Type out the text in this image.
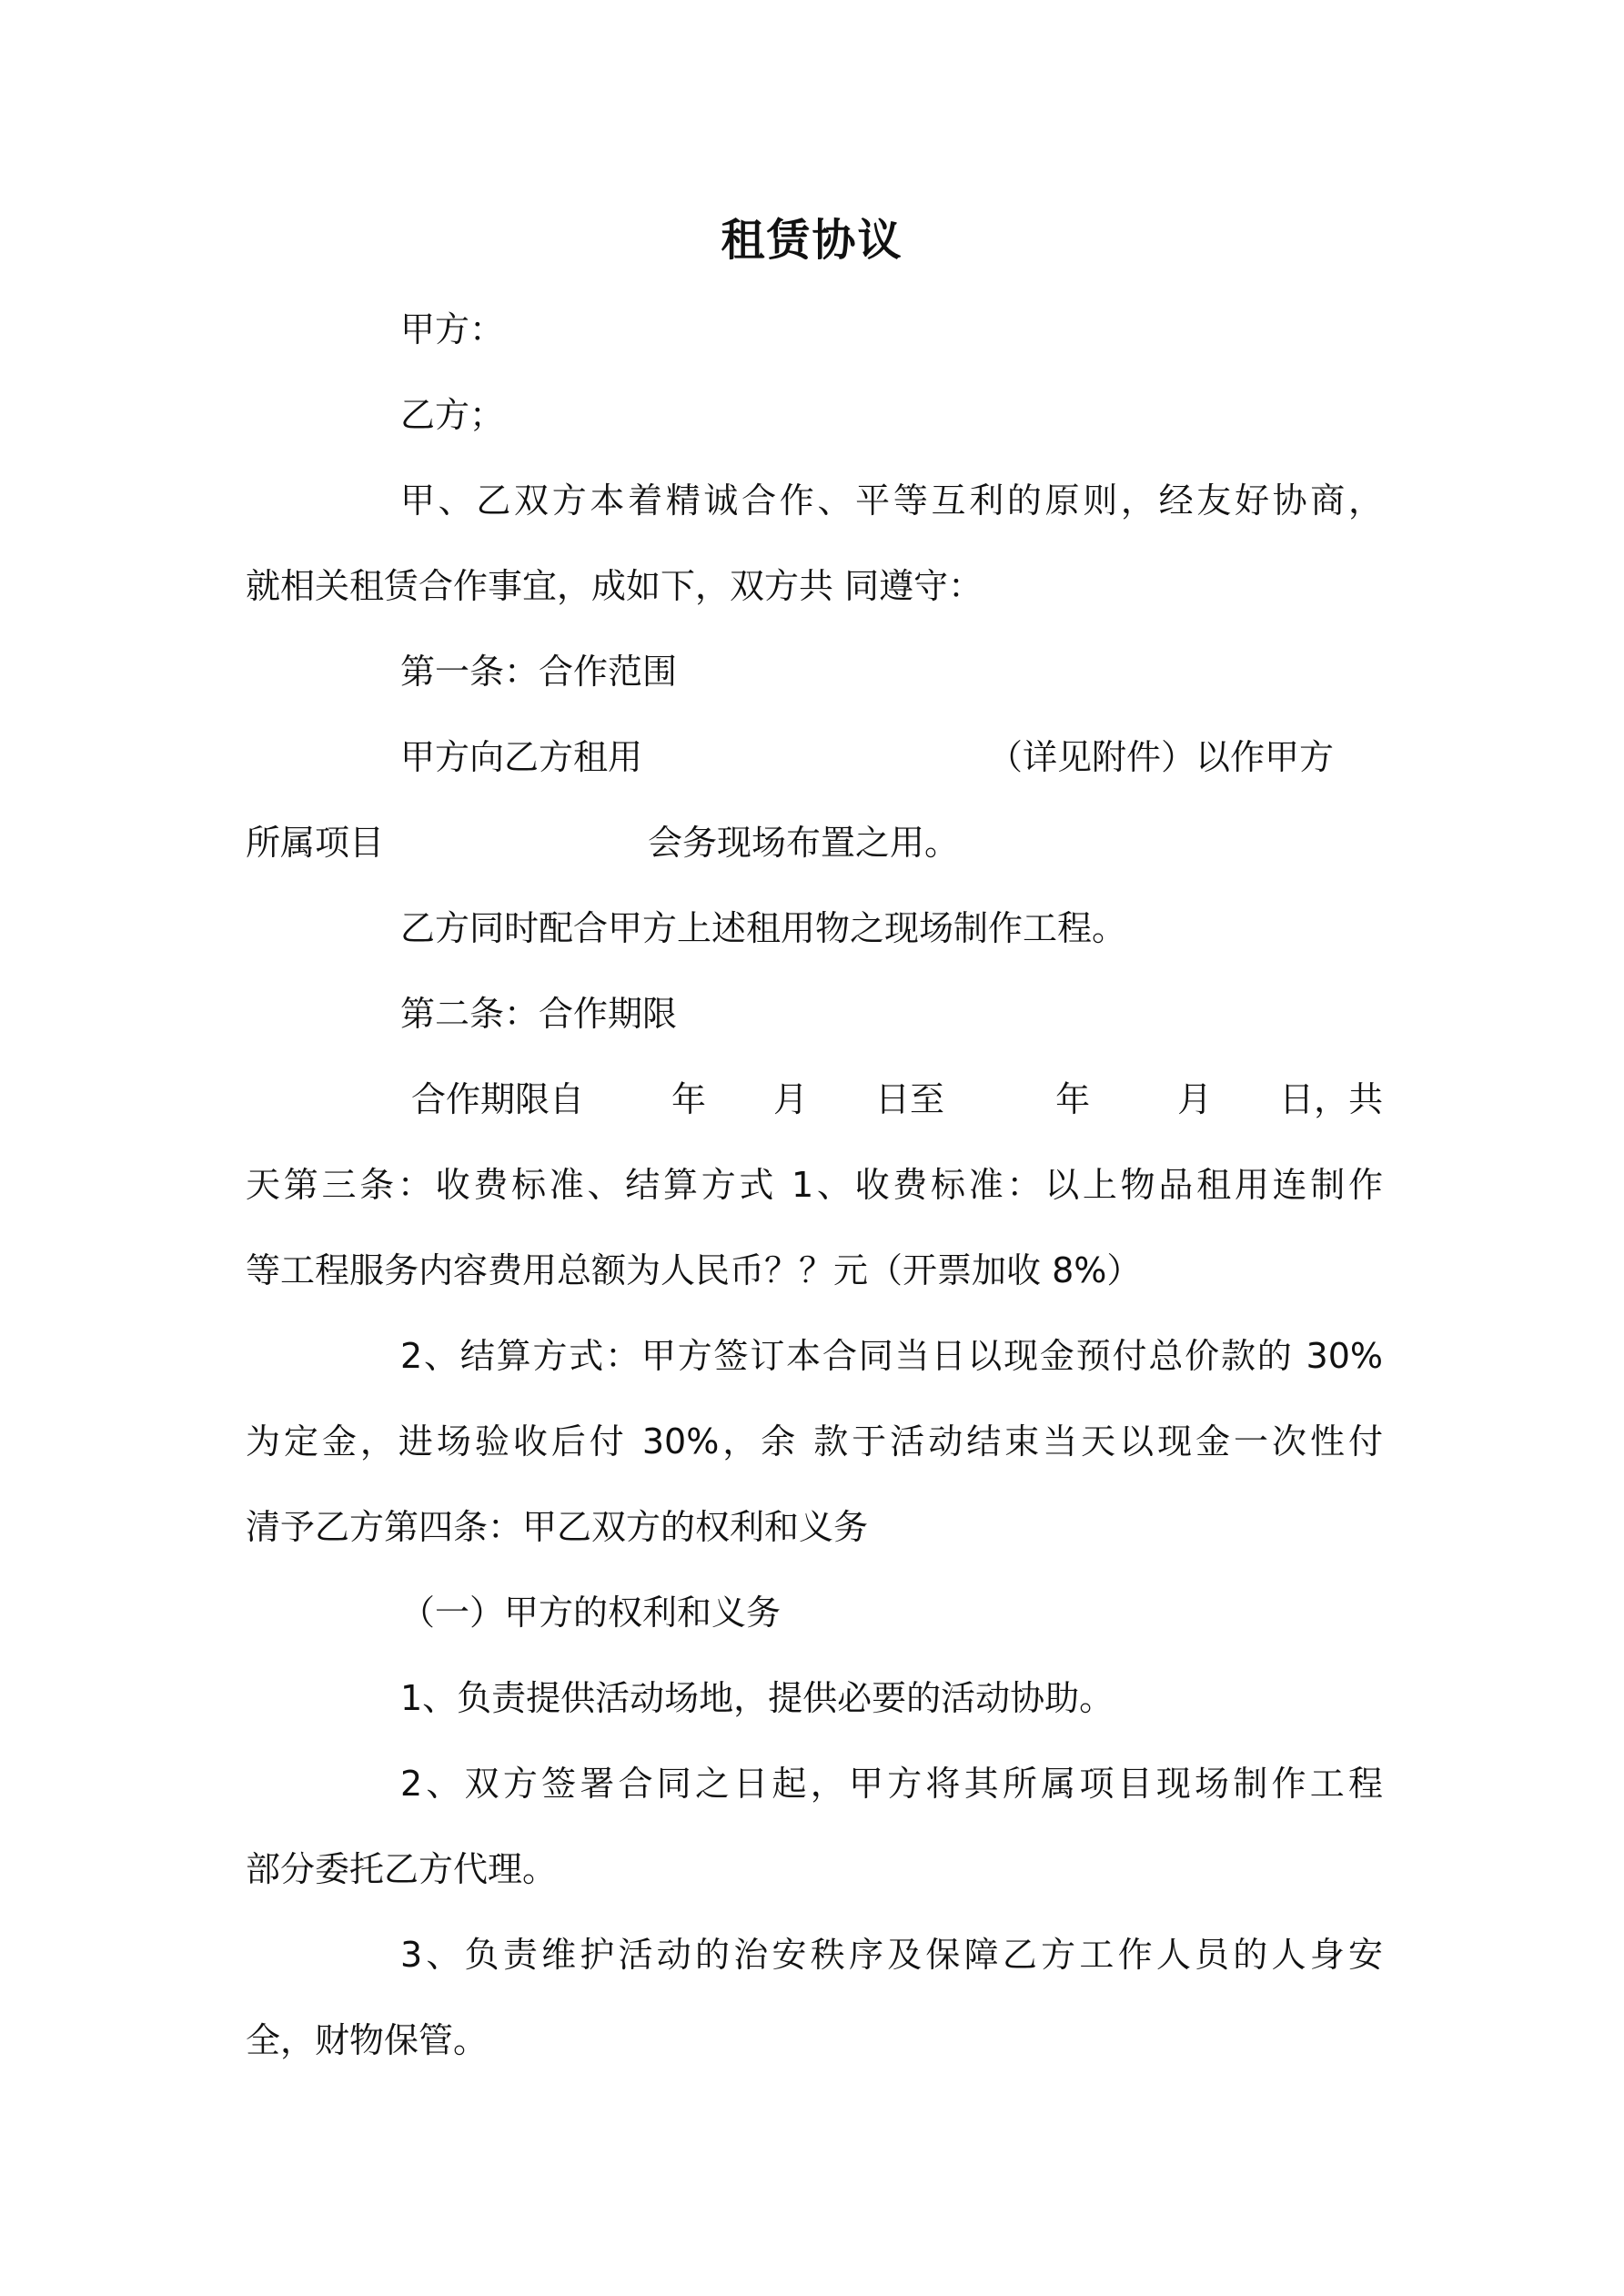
租赁协议

甲方：

乙方；

甲、乙双方本着精诚合作、平等互利的原则，经友好协商，

就相关租赁合作事宜，成如下，双方共 同遵守：

第一条：合作范围

甲方向乙方租用	（详见附件）以作甲方

所属项目	会务现场布置之用。

乙方同时配合甲方上述租用物之现场制作工程。

第二条：合作期限

合作期限自	年 月 日至	年	月 日，共

天第三条：收费标准、结算方式 1、收费标准：以上物品租用连制作

等工程服务内容费用总额为人民币？？元（开票加收 8%）

2、结算方式：甲方签订本合同当日以现金预付总价款的 30%

为定金，进场验收后付 30%，余 款于活动结束当天以现金一次性付

清予乙方第四条：甲乙双方的权利和义务

（一）甲方的权利和义务

1、负责提供活动场地，提供必要的活动协助。

2、双方签署合同之日起，甲方将其所属项目现场制作工程

部分委托乙方代理。

3、负责维护活动的治安秩序及保障乙方工作人员的人身安

全，财物保管。
